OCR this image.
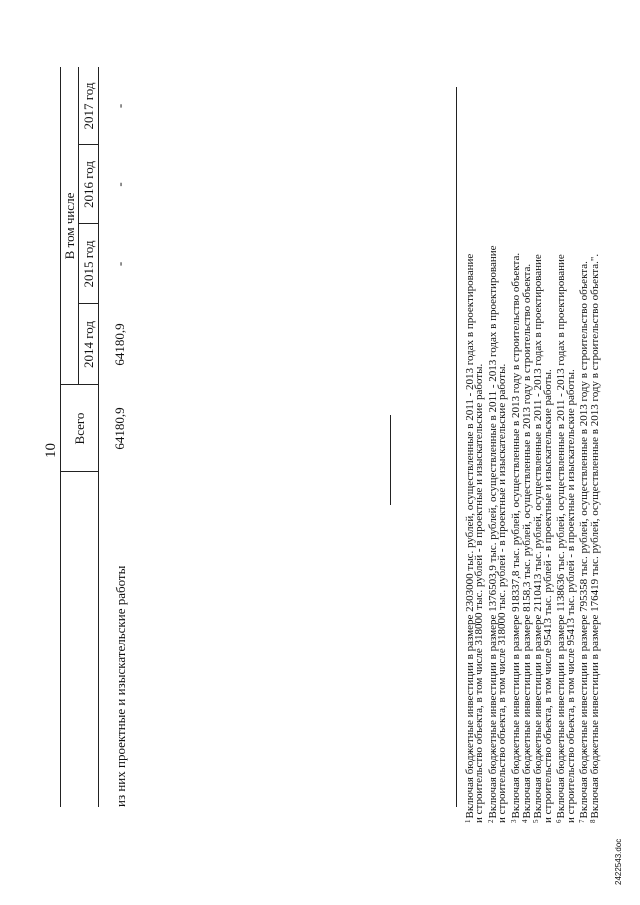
10
Всего
В том числе
2014 год
2015 год
2016 год
2017 год
из них проектные и изыскательские работы
64180,9
64180,9
-
-
-
$^1$Включая бюджетные инвестиции в размере 2303000 тыс. рублей, осуществленные в 2011 - 2013 годах в проектирование
и строительство объекта, в том числе 318000 тыс. рублей - в проектные и изыскательские работы. $^2$Включая бюджетные инвестиции в размере 1376503,9 тыс. рублей, осуществленные в 2011 - 2013 годах в проектирование
и строительство объекта, в том числе 318000 тыс. рублей - в проектные и изыскательские работы. $^3$Включая бюджетные инвестиции в размере 918337,8 тыс. рублей, осуществленные в 2013 году в строительство объекта.
$^4$Включая бюджетные инвестиции в размере 8158,3 тыс. рублей, осуществленные в 2013 году в строительство объекта.
$^5$Включая бюджетные инвестиции в размере 2110413 тыс. рублей, осуществленные в 2011 - 2013 годах в проектирование
и строительство объекта, в том числе 95413 тыс. рублей - в проектные и изыскательские работы. $^6$Включая бюджетные инвестиции в размере 1138636 тыс. рублей, осуществленные в 2011 - 2013 годах в проектирование
и строительство объекта, в том числе 95413 тыс. рублей - в проектные и изыскательские работы. $^7$Включая бюджетные инвестиции в размере 795358 тыс. рублей, осуществленные в 2013 году в строительство объекта.
$^8$Включая бюджетные инвестиции в размере 176419 тыс. рублей, осуществленные в 2013 году в строительство объекта.".
2422543.doc
